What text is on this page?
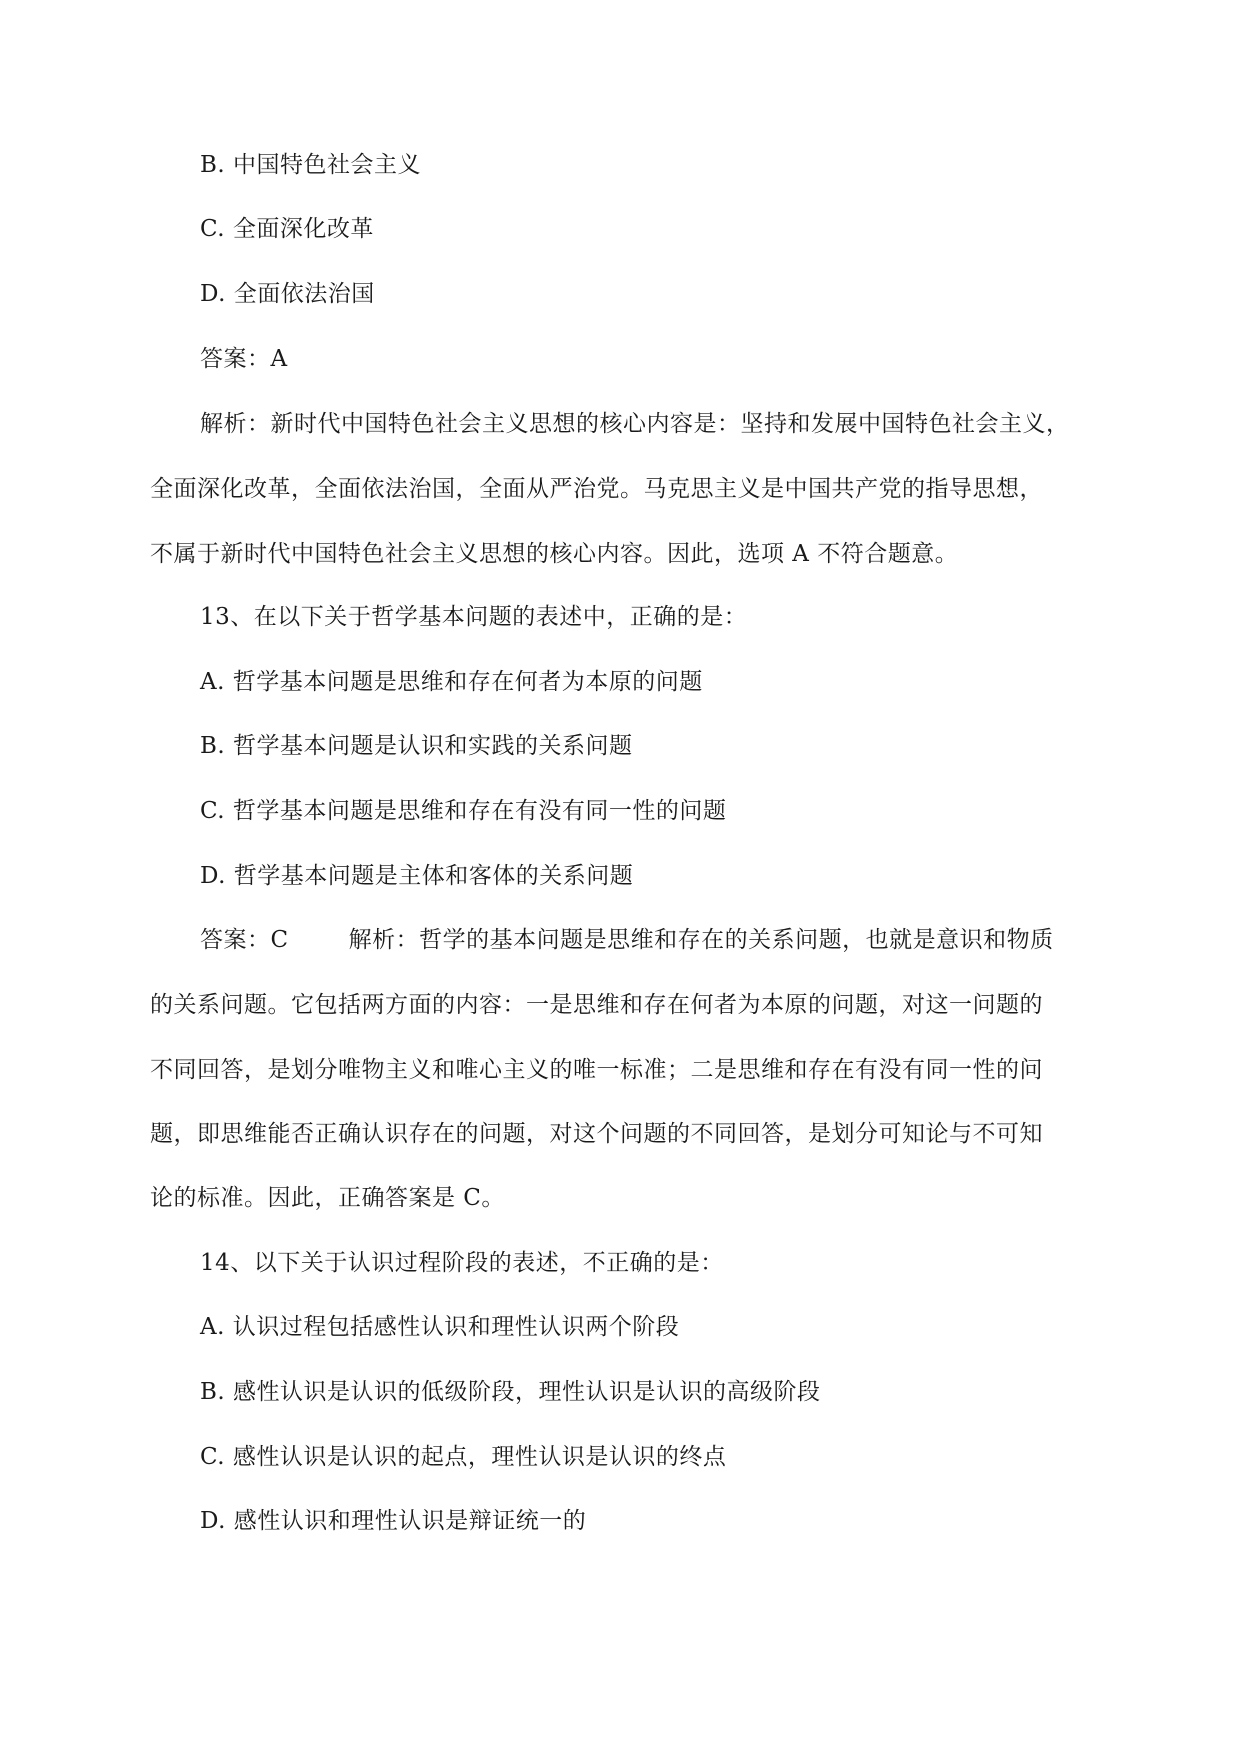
B. 中国特色社会主义
C. 全面深化改革
D. 全面依法治国
答案：A
解析：新时代中国特色社会主义思想的核心内容是：坚持和发展中国特色社会主义，
全面深化改革，全面依法治国，全面从严治党。马克思主义是中国共产党的指导思想，
不属于新时代中国特色社会主义思想的核心内容。因此，选项 A 不符合题意。
13、在以下关于哲学基本问题的表述中，正确的是：
A. 哲学基本问题是思维和存在何者为本原的问题
B. 哲学基本问题是认识和实践的关系问题
C. 哲学基本问题是思维和存在有没有同一性的问题
D. 哲学基本问题是主体和客体的关系问题
答案：C	解析：哲学的基本问题是思维和存在的关系问题，也就是意识和物质
的关系问题。它包括两方面的内容：一是思维和存在何者为本原的问题，对这一问题的
不同回答，是划分唯物主义和唯心主义的唯一标准；二是思维和存在有没有同一性的问
题，即思维能否正确认识存在的问题，对这个问题的不同回答，是划分可知论与不可知
论的标准。因此，正确答案是 C。
14、以下关于认识过程阶段的表述，不正确的是：
A. 认识过程包括感性认识和理性认识两个阶段
B. 感性认识是认识的低级阶段，理性认识是认识的高级阶段
C. 感性认识是认识的起点，理性认识是认识的终点
D. 感性认识和理性认识是辩证统一的
